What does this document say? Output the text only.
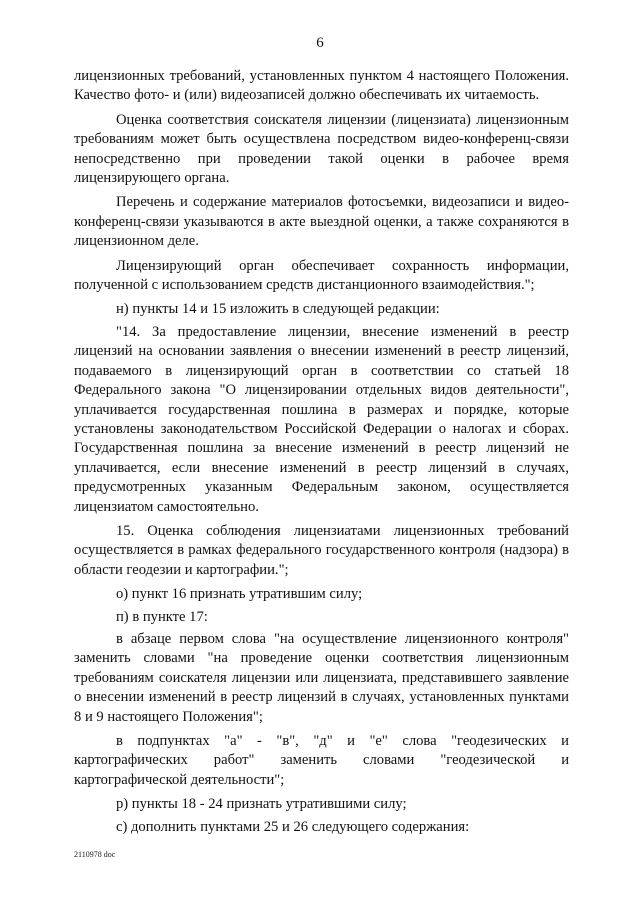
6

лицензионных требований, установленных пунктом 4 настоящего Положения. Качество фото- и (или) видеозаписей должно обеспечивать их читаемость.

Оценка соответствия соискателя лицензии (лицензиата) лицензионным требованиям может быть осуществлена посредством видео-конференц-связи непосредственно при проведении такой оценки в рабочее время лицензирующего органа.

Перечень и содержание материалов фотосъемки, видеозаписи и видео-конференц-связи указываются в акте выездной оценки, а также сохраняются в лицензионном деле.

Лицензирующий орган обеспечивает сохранность информации, полученной с использованием средств дистанционного взаимодействия.";

н) пункты 14 и 15 изложить в следующей редакции:

"14. За предоставление лицензии, внесение изменений в реестр лицензий на основании заявления о внесении изменений в реестр лицензий, подаваемого в лицензирующий орган в соответствии со статьей 18 Федерального закона "О лицензировании отдельных видов деятельности", уплачивается государственная пошлина в размерах и порядке, которые установлены законодательством Российской Федерации о налогах и сборах. Государственная пошлина за внесение изменений в реестр лицензий не уплачивается, если внесение изменений в реестр лицензий в случаях, предусмотренных указанным Федеральным законом, осуществляется лицензиатом самостоятельно.

15. Оценка соблюдения лицензиатами лицензионных требований осуществляется в рамках федерального государственного контроля (надзора) в области геодезии и картографии.";

о) пункт 16 признать утратившим силу;

п) в пункте 17:

в абзаце первом слова "на осуществление лицензионного контроля" заменить словами "на проведение оценки соответствия лицензионным требованиям соискателя лицензии или лицензиата, представившего заявление о внесении изменений в реестр лицензий в случаях, установленных пунктами 8 и 9 настоящего Положения";

в подпунктах "а" - "в", "д" и "е" слова "геодезических и картографических работ" заменить словами "геодезической и картографической деятельности";

р) пункты 18 - 24 признать утратившими силу;

с) дополнить пунктами 25 и 26 следующего содержания:

2110978 doc
